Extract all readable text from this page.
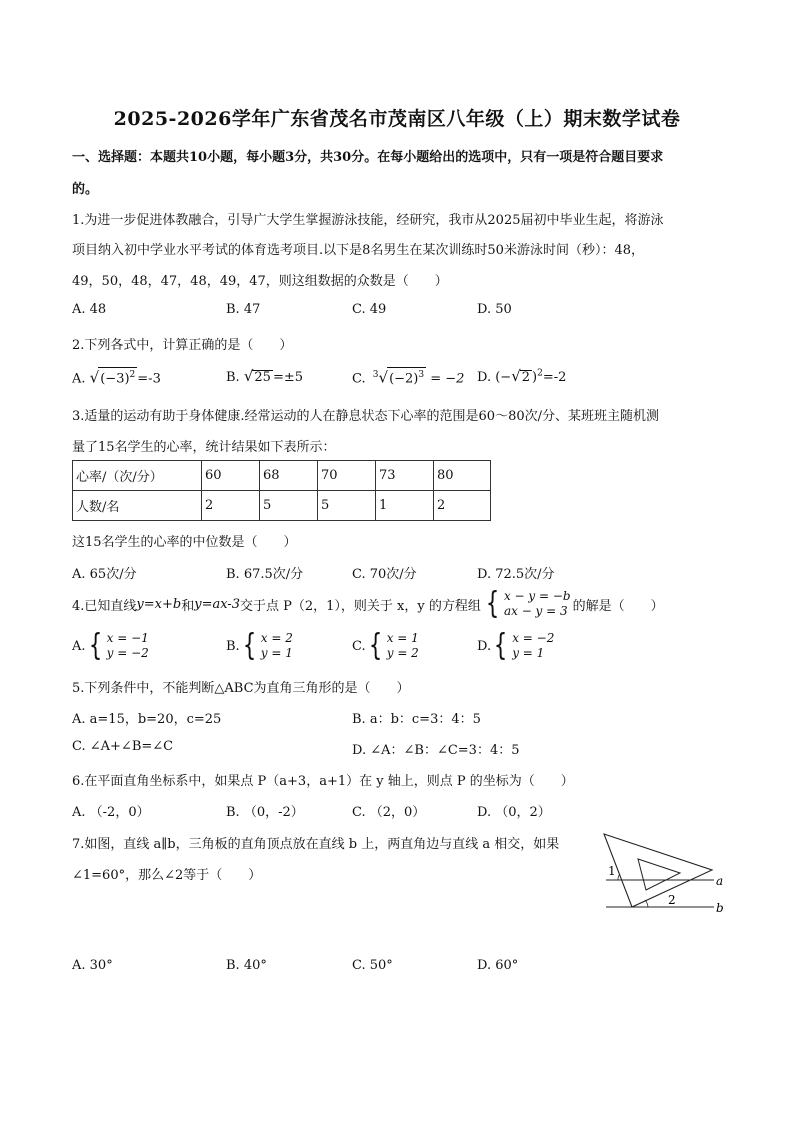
2025-2026学年广东省茂名市茂南区八年级（上）期末数学试卷
一、选择题：本题共10小题，每小题3分，共30分。在每小题给出的选项中，只有一项是符合题目要求
的。
1.为进一步促进体教融合，引导广大学生掌握游泳技能，经研究，我市从2025届初中毕业生起，将游泳
项目纳入初中学业水平考试的体育选考项目.以下是8名男生在某次训练时50米游泳时间（秒）：48，
49，50，48，47，48，49，47，则这组数据的众数是（　　）
A. 48	B. 47	C. 49	D. 50
2.下列各式中，计算正确的是（　　）
A. $√(-3)^2 =-3$	B. √25 =±5	C. $^3√(-2)^3 = -2$ D. (−√2 )$^2$=-2
3.适量的运动有助于身体健康.经常运动的人在静息状态下心率的范围是60～80次/分、某班班主随机测
量了15名学生的心率，统计结果如下表所示：
心率/（次/分）	60	68	70	73	80
人数/名	2	5	5	1	2
这15名学生的心率的中位数是（　　）
A. 65次/分	B. 67.5次/分	C. 70次/分	D. 72.5次/分
4.已知直线 y=x+b 和 y=ax-3 交于点 P（2，1），则关于 x，y 的方程组 { x − y = −b
ax − y = 3 的解是（　　）
A. { x = −1
y = −2	B. { x = 2
y = 1	C. { x = 1
y = 2	D. { x = −2
y = 1
5.下列条件中，不能判断△ABC为直角三角形的是（　　）
A. a=15，b=20，c=25	B. a：b：c=3：4：5
C. ∠A+∠B=∠C	D. ∠A：∠B：∠C=3：4：5
6.在平面直角坐标系中，如果点 P（a+3，a+1）在 y 轴上，则点 P 的坐标为（　　）
A. （-2，0）	B. （0，-2）	C. （2，0）	D. （0，2）
7.如图，直线 a∥b，三角板的直角顶点放在直线 b 上，两直角边与直线 a 相交，如果
∠1=60°，那么∠2等于（　　）	1
2
a
b
A. 30°	B. 40°	C. 50°	D. 60°
